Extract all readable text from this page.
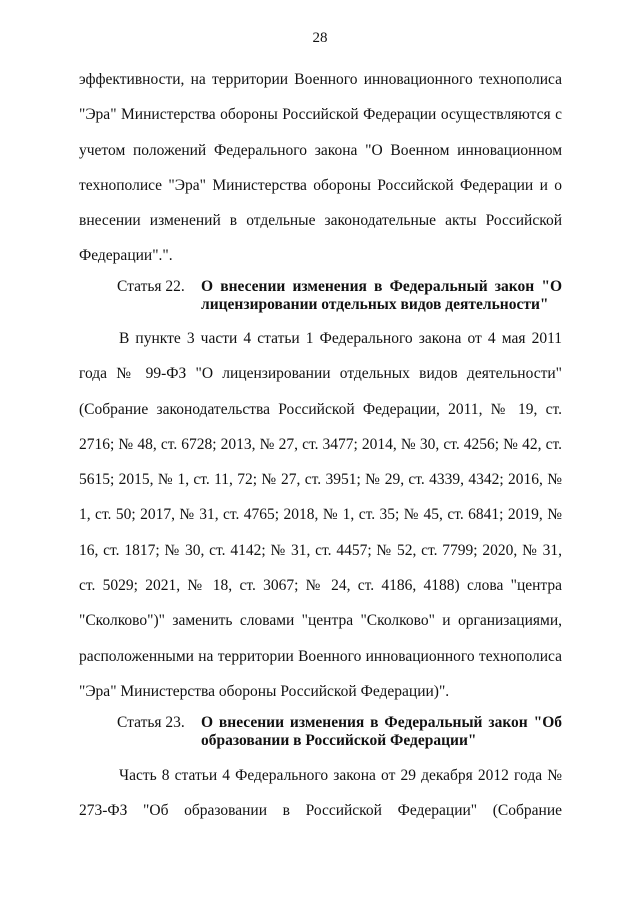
28

эффективности, на территории Военного инновационного технополиса "Эра" Министерства обороны Российской Федерации осуществляются с учетом положений Федерального закона "О Военном инновационном технополисе "Эра" Министерства обороны Российской Федерации и о внесении изменений в отдельные законодательные акты Российской Федерации".".

Статья 22. О внесении изменения в Федеральный закон "О лицензировании отдельных видов деятельности"

В пункте 3 части 4 статьи 1 Федерального закона от 4 мая 2011 года № 99-ФЗ "О лицензировании отдельных видов деятельности" (Собрание законодательства Российской Федерации, 2011, № 19, ст. 2716; № 48, ст. 6728; 2013, № 27, ст. 3477; 2014, № 30, ст. 4256; № 42, ст. 5615; 2015, № 1, ст. 11, 72; № 27, ст. 3951; № 29, ст. 4339, 4342; 2016, № 1, ст. 50; 2017, № 31, ст. 4765; 2018, № 1, ст. 35; № 45, ст. 6841; 2019, № 16, ст. 1817; № 30, ст. 4142; № 31, ст. 4457; № 52, ст. 7799; 2020, № 31, ст. 5029; 2021, № 18, ст. 3067; № 24, ст. 4186, 4188) слова "центра "Сколково")" заменить словами "центра "Сколково" и организациями, расположенными на территории Военного инновационного технополиса "Эра" Министерства обороны Российской Федерации)".

Статья 23. О внесении изменения в Федеральный закон "Об образовании в Российской Федерации"

Часть 8 статьи 4 Федерального закона от 29 декабря 2012 года № 273-ФЗ "Об образовании в Российской Федерации" (Собрание
